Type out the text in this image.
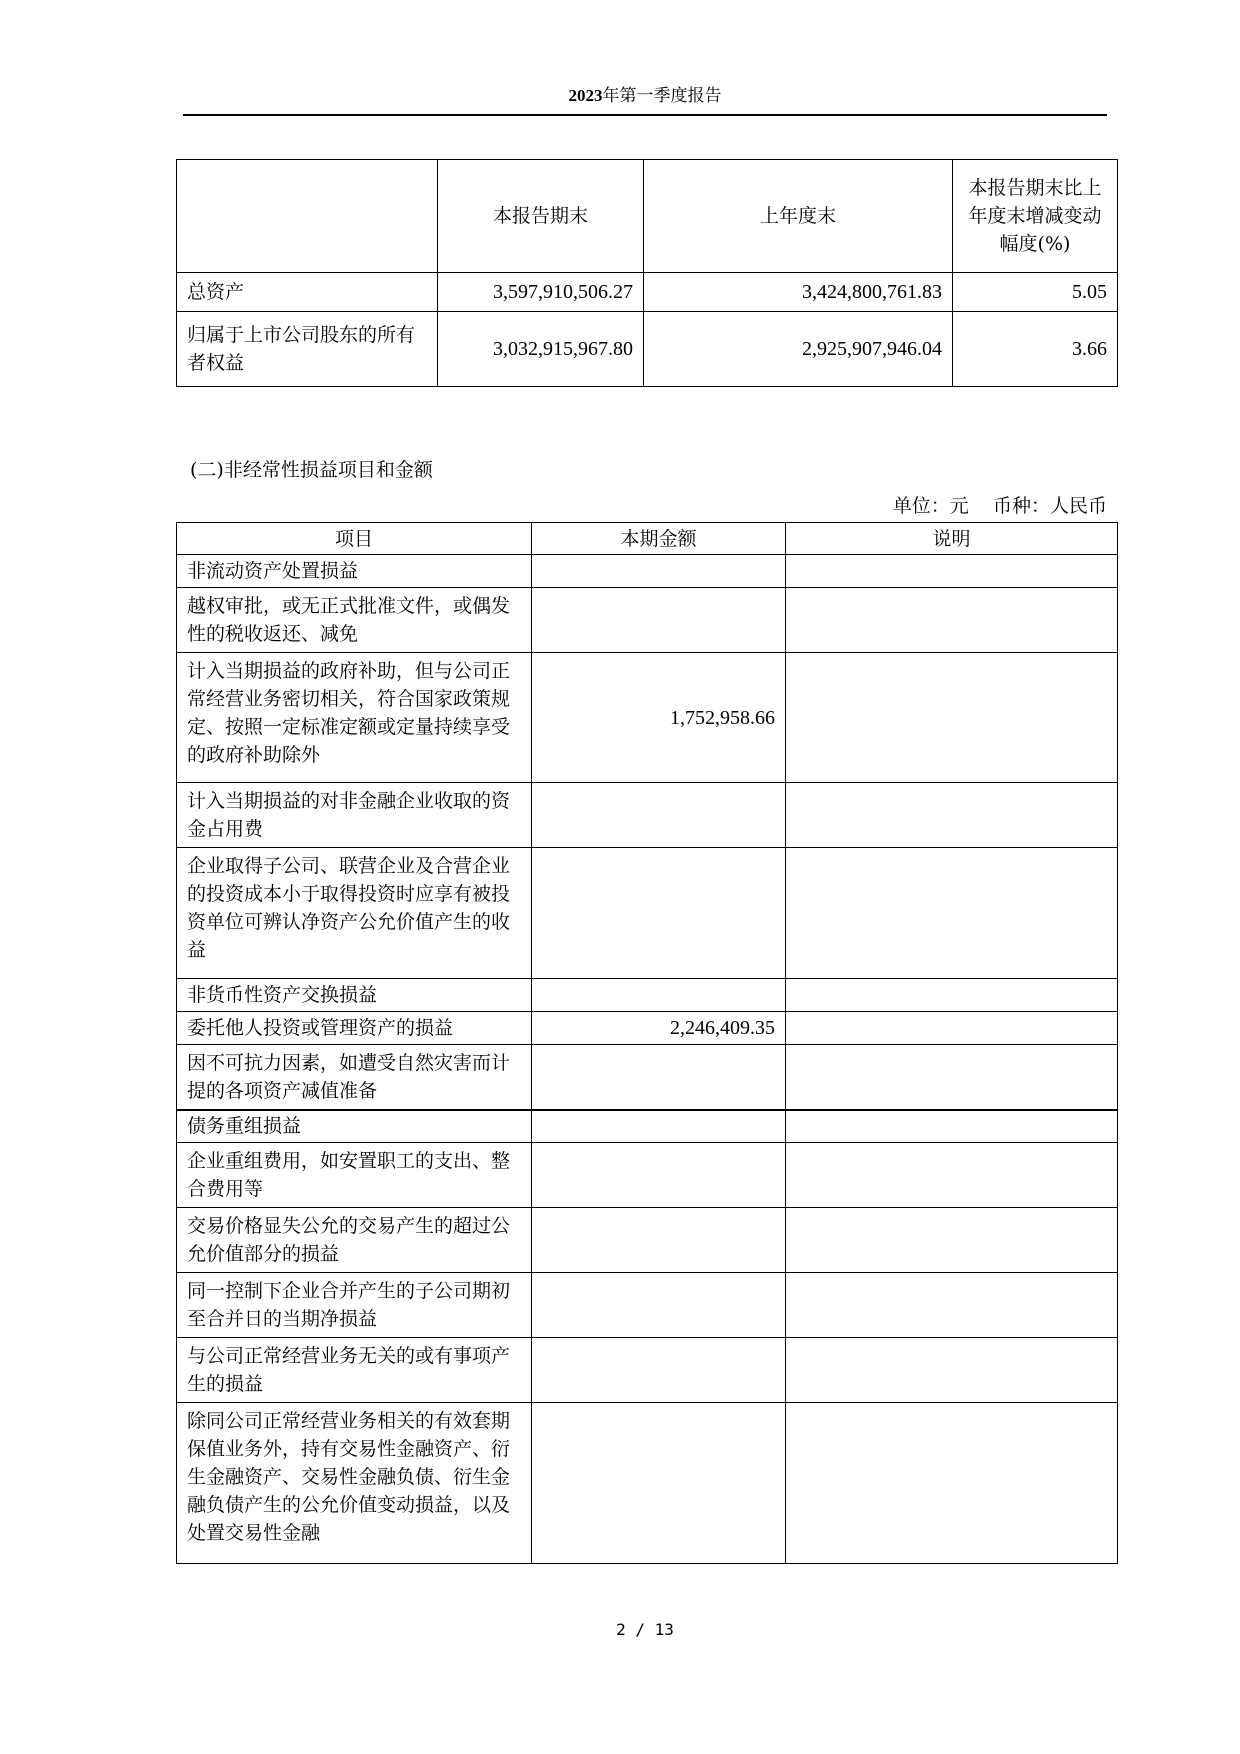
2023年第一季度报告
	本报告期末	上年度末	本报告期末比上年度末增减变动幅度(%)
总资产	3,597,910,506.27	3,424,800,761.83	5.05
归属于上市公司股东的所有者权益	3,032,915,967.80	2,925,907,946.04	3.66
(二)非经常性损益项目和金额
单位：元 币种：人民币
项目	本期金额	说明
非流动资产处置损益		
越权审批，或无正式批准文件，或偶发性的税收返还、减免		
计入当期损益的政府补助，但与公司正常经营业务密切相关，符合国家政策规定、按照一定标准定额或定量持续享受的政府补助除外	1,752,958.66	
计入当期损益的对非金融企业收取的资金占用费		
企业取得子公司、联营企业及合营企业的投资成本小于取得投资时应享有被投资单位可辨认净资产公允价值产生的收益		
非货币性资产交换损益		
委托他人投资或管理资产的损益	2,246,409.35	
因不可抗力因素，如遭受自然灾害而计提的各项资产减值准备		
债务重组损益		
企业重组费用，如安置职工的支出、整合费用等		
交易价格显失公允的交易产生的超过公允价值部分的损益		
同一控制下企业合并产生的子公司期初至合并日的当期净损益		
与公司正常经营业务无关的或有事项产生的损益		
除同公司正常经营业务相关的有效套期保值业务外，持有交易性金融资产、衍生金融资产、交易性金融负债、衍生金融负债产生的公允价值变动损益，以及处置交易性金融		
2 / 13
